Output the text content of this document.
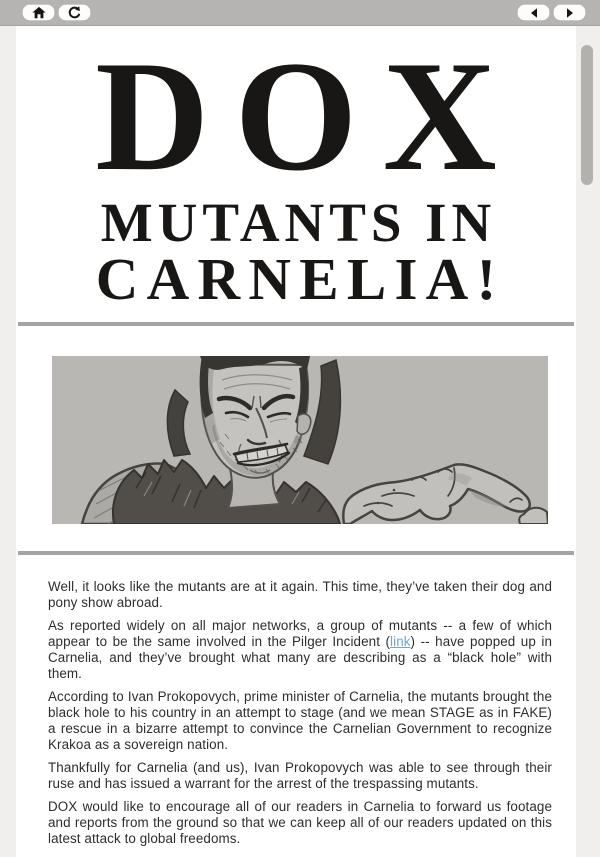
DOX
MUTANTS IN
CARNELIA!

Well, it looks like the mutants are at it again. This time, they’ve taken their dog and pony show abroad.

As reported widely on all major networks, a group of mutants -- a few of which appear to be the same involved in the Pilger Incident (link) -- have popped up in Carnelia, and they’ve brought what many are describing as a “black hole” with them.

According to Ivan Prokopovych, prime minister of Carnelia, the mutants brought the black hole to his country in an attempt to stage (and we mean STAGE as in FAKE) a rescue in a bizarre attempt to convince the Carnelian Government to recognize Krakoa as a sovereign nation.

Thankfully for Carnelia (and us), Ivan Prokopovych was able to see through their ruse and has issued a warrant for the arrest of the trespassing mutants.

DOX would like to encourage all of our readers in Carnelia to forward us footage and reports from the ground so that we can keep all of our readers updated on this latest attack to global freedoms.
